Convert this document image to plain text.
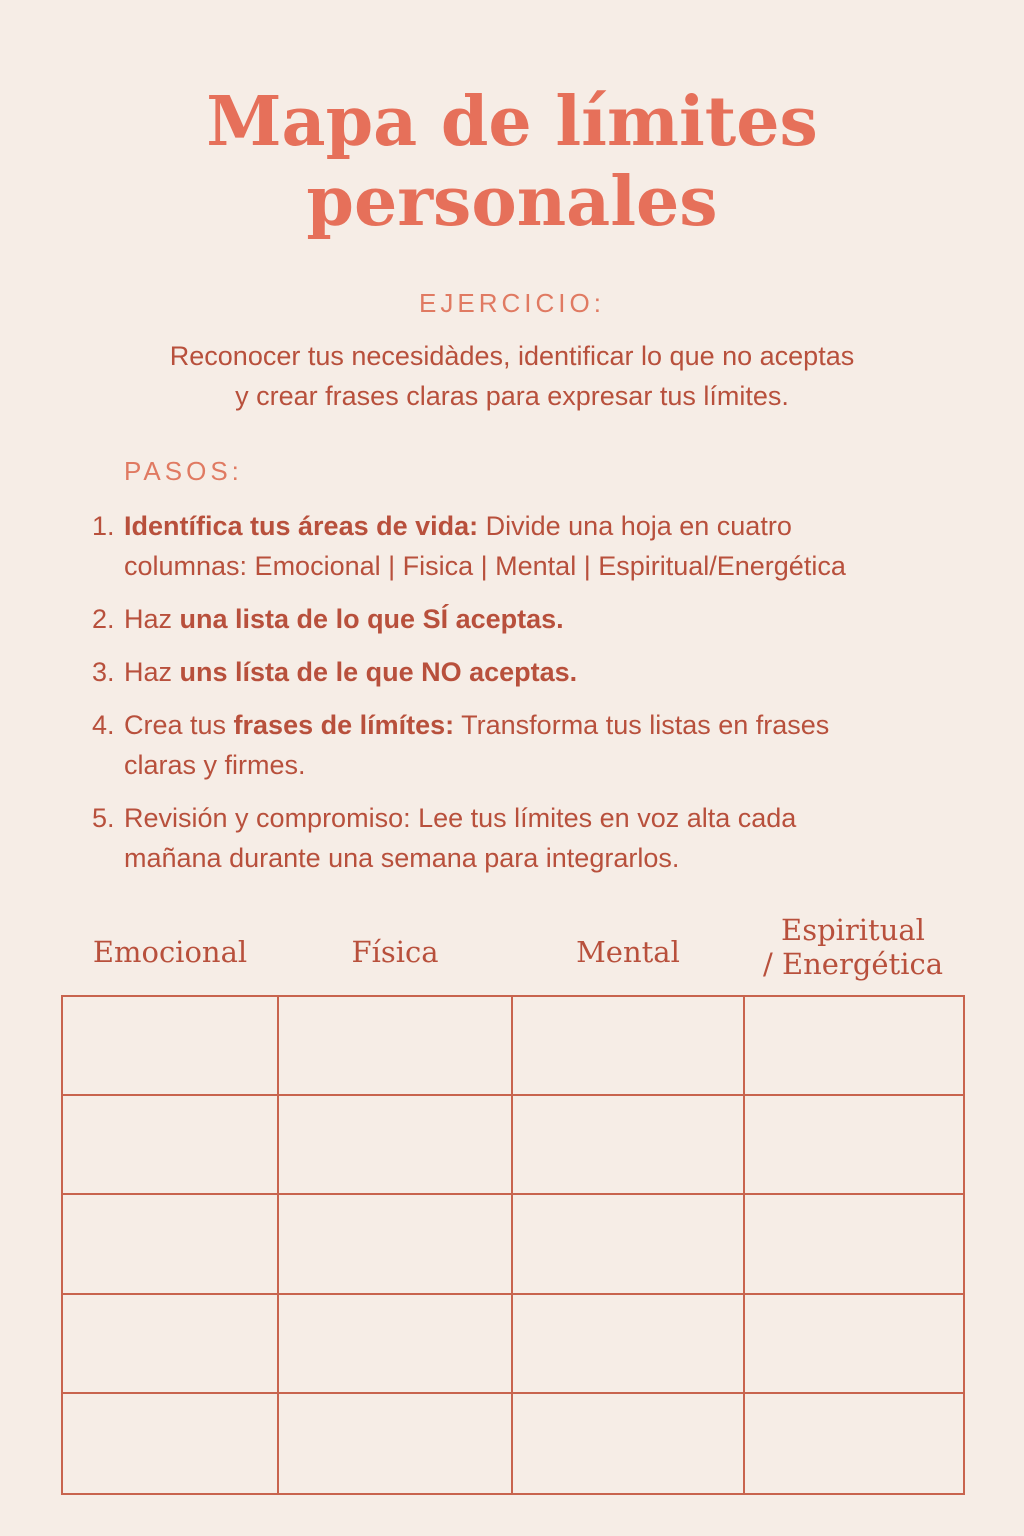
Mapa de límites
personales
EJERCICIO:
Reconocer tus necesidàdes, identificar lo que no aceptas
y crear frases claras para expresar tus límites.
PASOS:
1. Identífica tus áreas de vida: Divide una hoja en cuatro
columnas: Emocional | Fisica | Mental | Espiritual/Energética
2. Haz una lista de lo que SÍ aceptas.
3. Haz uns lísta de le que NO aceptas.
4. Crea tus frases de límítes: Transforma tus listas en frases
claras y firmes.
5. Revisión y compromiso: Lee tus límites en voz alta cada
mañana durante una semana para integrarlos.
Emocional	Física	Mental
Espiritual
/ Energética
